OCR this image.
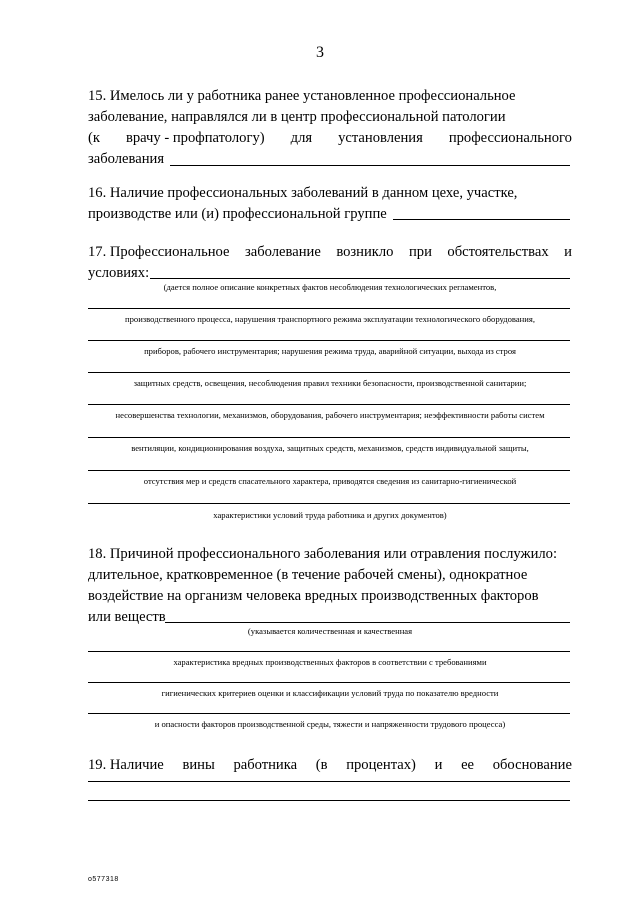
3
15. Имелось ли у работника ранее установленное профессиональное
заболевание, направлялся ли в центр профессиональной патологии
(к врачу - профпатологу) для установления профессионального
заболевания
16. Наличие профессиональных заболеваний в данном цехе, участке,
производстве или (и) профессиональной группе
17. Профессиональное заболевание возникло при обстоятельствах и
условиях:
(дается полное описание конкретных фактов несоблюдения технологических регламентов,
производственного процесса, нарушения транспортного режима эксплуатации технологического оборудования,
приборов, рабочего инструментария; нарушения режима труда, аварийной ситуации, выхода из строя
защитных средств, освещения, несоблюдения правил техники безопасности, производственной санитарии;
несовершенства технологии, механизмов, оборудования, рабочего инструментария; неэффективности работы систем
вентиляции, кондиционирования воздуха, защитных средств, механизмов, средств индивидуальной защиты,
отсутствия мер и средств спасательного характера, приводятся сведения из санитарно-гигиенической
характеристики условий труда работника и других документов)
18. Причиной профессионального заболевания или отравления послужило:
длительное, кратковременное (в течение рабочей смены), однократное
воздействие на организм человека вредных производственных факторов
или веществ
(указывается количественная и качественная
характеристика вредных производственных факторов в соответствии с требованиями
гигиенических критериев оценки и классификации условий труда по показателю вредности
и опасности факторов производственной среды, тяжести и напряженности трудового процесса)
19. Наличие вины работника (в процентах) и ее обоснование
о577318
